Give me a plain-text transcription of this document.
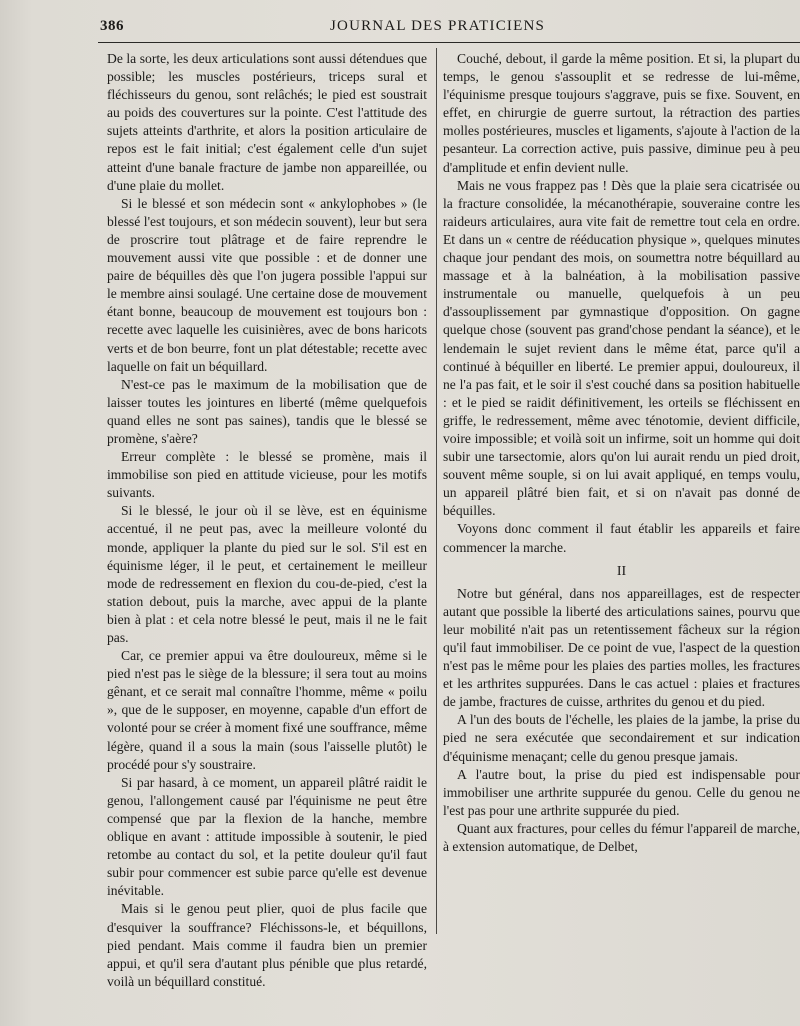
386	JOURNAL DES PRATICIENS

De la sorte, les deux articulations sont aussi détendues que possible; les muscles postérieurs, triceps sural et fléchisseurs du genou, sont relâchés; le pied est soustrait au poids des couvertures sur la pointe. C'est l'attitude des sujets atteints d'arthrite, et alors la position articulaire de repos est le fait initial; c'est également celle d'un sujet atteint d'une banale fracture de jambe non appareillée, ou d'une plaie du mollet.

Si le blessé et son médecin sont « ankylophobes » (le blessé l'est toujours, et son médecin souvent), leur but sera de proscrire tout plâtrage et de faire reprendre le mouvement aussi vite que possible : et de donner une paire de béquilles dès que l'on jugera possible l'appui sur le membre ainsi soulagé. Une certaine dose de mouvement étant bonne, beaucoup de mouvement est toujours bon : recette avec laquelle les cuisinières, avec de bons haricots verts et de bon beurre, font un plat détestable; recette avec laquelle on fait un béquillard.

N'est-ce pas le maximum de la mobilisation que de laisser toutes les jointures en liberté (même quelquefois quand elles ne sont pas saines), tandis que le blessé se promène, s'aère?

Erreur complète : le blessé se promène, mais il immobilise son pied en attitude vicieuse, pour les motifs suivants.

Si le blessé, le jour où il se lève, est en équinisme accentué, il ne peut pas, avec la meilleure volonté du monde, appliquer la plante du pied sur le sol. S'il est en équinisme léger, il le peut, et certainement le meilleur mode de redressement en flexion du cou-de-pied, c'est la station debout, puis la marche, avec appui de la plante bien à plat : et cela notre blessé le peut, mais il ne le fait pas.

Car, ce premier appui va être douloureux, même si le pied n'est pas le siège de la blessure; il sera tout au moins gênant, et ce serait mal connaître l'homme, même « poilu », que de le supposer, en moyenne, capable d'un effort de volonté pour se créer à moment fixé une souffrance, même légère, quand il a sous la main (sous l'aisselle plutôt) le procédé pour s'y soustraire.

Si par hasard, à ce moment, un appareil plâtré raidit le genou, l'allongement causé par l'équinisme ne peut être compensé que par la flexion de la hanche, membre oblique en avant : attitude impossible à soutenir, le pied retombe au contact du sol, et la petite douleur qu'il faut subir pour commencer est subie parce qu'elle est devenue inévitable.

Mais si le genou peut plier, quoi de plus facile que d'esquiver la souffrance? Fléchissons-le, et béquillons, pied pendant. Mais comme il faudra bien un premier appui, et qu'il sera d'autant plus pénible que plus retardé, voilà un béquillard constitué.

Couché, debout, il garde la même position. Et si, la plupart du temps, le genou s'assouplit et se redresse de lui-même, l'équinisme presque toujours s'aggrave, puis se fixe. Souvent, en effet, en chirurgie de guerre surtout, la rétraction des parties molles postérieures, muscles et ligaments, s'ajoute à l'action de la pesanteur. La correction active, puis passive, diminue peu à peu d'amplitude et enfin devient nulle.

Mais ne vous frappez pas ! Dès que la plaie sera cicatrisée ou la fracture consolidée, la mécanothérapie, souveraine contre les raideurs articulaires, aura vite fait de remettre tout cela en ordre. Et dans un « centre de rééducation physique », quelques minutes chaque jour pendant des mois, on soumettra notre béquillard au massage et à la balnéation, à la mobilisation passive instrumentale ou manuelle, quelquefois à un peu d'assouplissement par gymnastique d'opposition. On gagne quelque chose (souvent pas grand'chose pendant la séance), et le lendemain le sujet revient dans le même état, parce qu'il a continué à béquiller en liberté. Le premier appui, douloureux, il ne l'a pas fait, et le soir il s'est couché dans sa position habituelle : et le pied se raidit définitivement, les orteils se fléchissent en griffe, le redressement, même avec ténotomie, devient difficile, voire impossible; et voilà soit un infirme, soit un homme qui doit subir une tarsectomie, alors qu'on lui aurait rendu un pied droit, souvent même souple, si on lui avait appliqué, en temps voulu, un appareil plâtré bien fait, et si on n'avait pas donné de béquilles.

Voyons donc comment il faut établir les appareils et faire commencer la marche.

II

Notre but général, dans nos appareillages, est de respecter autant que possible la liberté des articulations saines, pourvu que leur mobilité n'ait pas un retentissement fâcheux sur la région qu'il faut immobiliser. De ce point de vue, l'aspect de la question n'est pas le même pour les plaies des parties molles, les fractures et les arthrites suppurées. Dans le cas actuel : plaies et fractures de jambe, fractures de cuisse, arthrites du genou et du pied.

A l'un des bouts de l'échelle, les plaies de la jambe, la prise du pied ne sera exécutée que secondairement et sur indication d'équinisme menaçant; celle du genou presque jamais.

A l'autre bout, la prise du pied est indispensable pour immobiliser une arthrite suppurée du genou. Celle du genou ne l'est pas pour une arthrite suppurée du pied.

Quant aux fractures, pour celles du fémur l'appareil de marche, à extension automatique, de Delbet,
